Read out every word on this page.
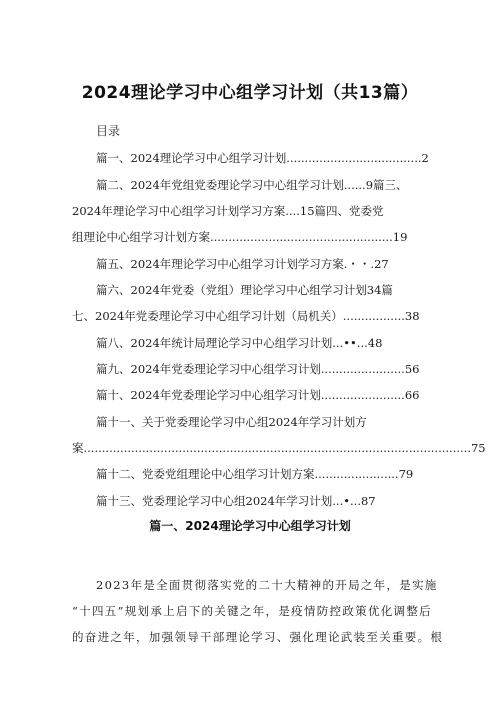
2024理论学习中心组学习计划（共13篇）
目录
篇一、2024理论学习中心组学习计划.....................................2
篇二、2024年党组党委理论学习中心组学习计划......9篇三、
2024年理论学习中心组学习计划学习方案....15篇四、党委党
组理论中心组学习计划方案..................................................19
篇五、2024年理论学习中心组学习计划学习方案.・・.27
篇六、2024年党委（党组）理论学习中心组学习计划34篇
七、2024年党委理论学习中心组学习计划（局机关）.................38
篇八、2024年统计局理论学习中心组学习计划...••...48
篇九、2024年党委理论学习中心组学习计划.......................56
篇十、2024年党委理论学习中心组学习计划.......................66
篇十一、关于党委理论学习中心组2024年学习计划方
案..........................................................................................................75
篇十二、党委党组理论中心组学习计划方案.......................79
篇十三、党委理论学习中心组2024年学习计划...•...87
篇一、2024理论学习中心组学习计划
2023年是全面贯彻落实党的二十大精神的开局之年，是实施
“十四五”规划承上启下的关键之年，是疫情防控政策优化调整后
的奋进之年，加强领导干部理论学习、强化理论武装至关重要。根
